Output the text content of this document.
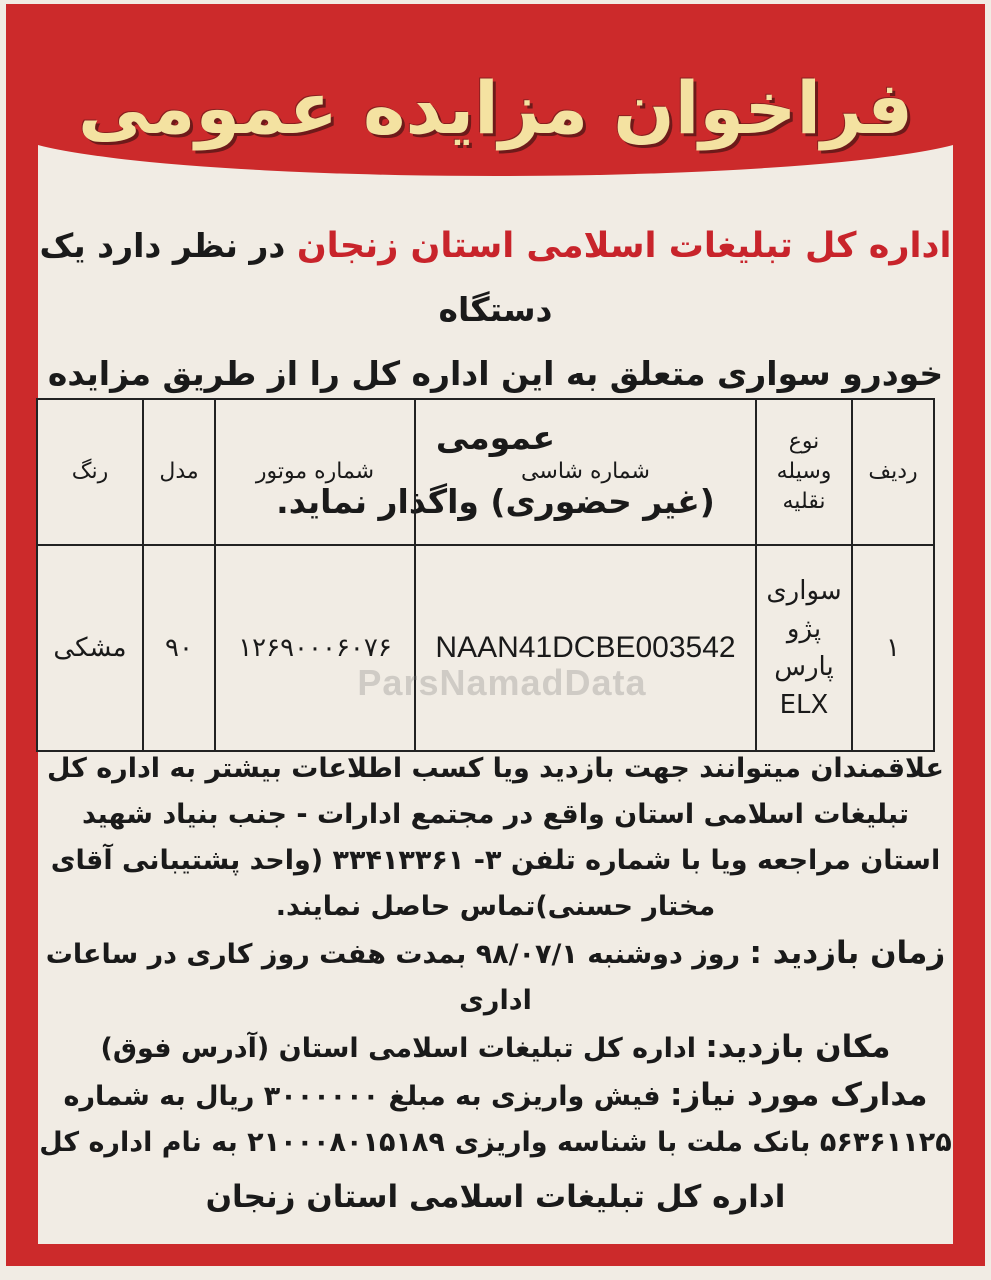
فراخوان مزایده عمومی

اداره کل تبلیغات اسلامی استان زنجان در نظر دارد یک دستگاه
خودرو سواری متعلق به این اداره کل را از طریق مزایده عمومی
(غیر حضوری) واگذار نماید.

ردیف	نوع وسیله نقلیه	شماره شاسی	شماره موتور	مدل	رنگ
۱	سواری پژو پارس ELX	NAAN41DCBE003542	۱۲۶۹۰۰۰۶۰۷۶	۹۰	مشکی

علاقمندان میتوانند جهت بازدید ویا کسب اطلاعات بیشتر به اداره کل تبلیغات اسلامی استان واقع در مجتمع ادارات - جنب بنیاد شهید استان مراجعه ویا با شماره تلفن ۳- ۳۳۴۱۳۳۶۱ (واحد پشتیبانی آقای مختار حسنی)تماس حاصل نمایند.

زمان بازدید : روز دوشنبه ۹۸/۰۷/۱ بمدت هفت روز کاری در ساعات اداری

مکان بازدید: اداره کل تبلیغات اسلامی استان (آدرس فوق)

مدارک مورد نیاز: فیش واریزی به مبلغ ۳۰۰۰۰۰۰ ریال به شماره ۵۶۳۶۱۱۲۵ بانک ملت با شناسه واریزی ۲۱۰۰۰۸۰۱۵۱۸۹ به نام اداره کل

اداره کل تبلیغات اسلامی استان زنجان

ParsNamadData
